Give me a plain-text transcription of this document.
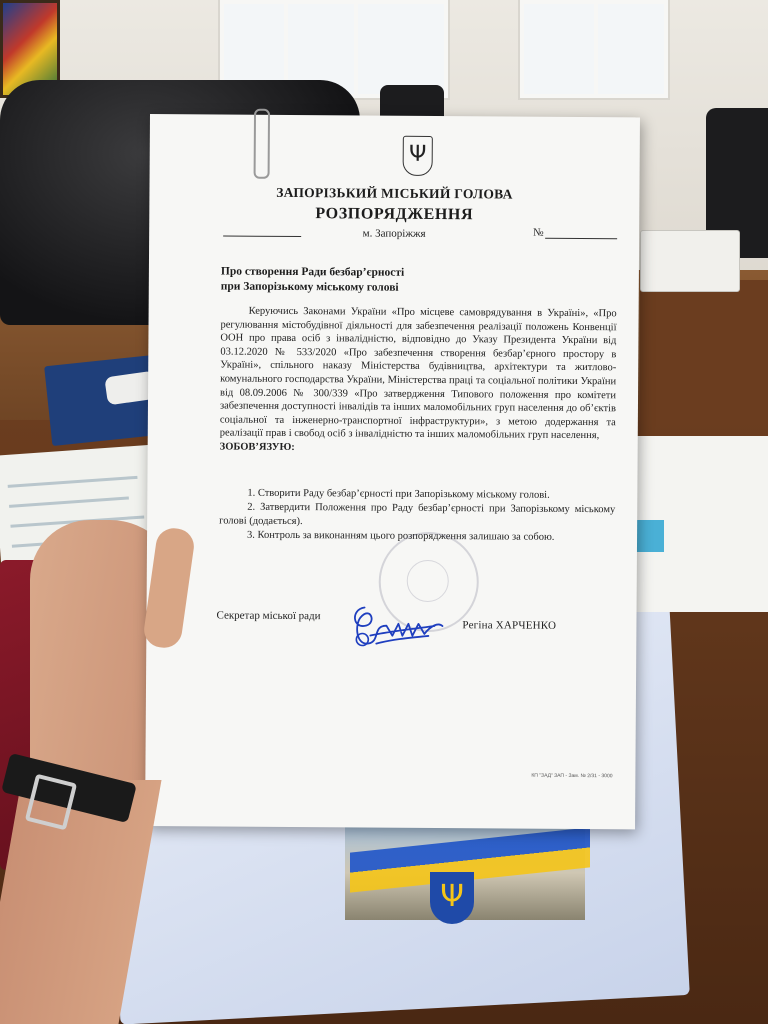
Ψ
Ψ
ЗАПОРІЗЬКИЙ МІСЬКИЙ ГОЛОВА
РОЗПОРЯДЖЕННЯ
м. Запоріжжя	№
Про створення Ради безбар’єрності
при Запорізькому міському голові

Керуючись Законами України «Про місцеве самоврядування в Україні», «Про регулювання містобудівної діяльності для забезпечення реалізації положень Конвенції ООН про права осіб з інвалідністю, відповідно до Указу Президента України від 03.12.2020 № 533/2020 «Про забезпечення створення безбар’єрного простору в Україні», спільного наказу Міністерства будівництва, архітектури та житлово-комунального господарства України, Міністерства праці та соціальної політики України від 08.09.2006 № 300/339 «Про затвердження Типового положення про комітети забезпечення доступності інвалідів та інших маломобільних груп населення до об’єктів соціальної та інженерно-транспортної інфраструктури», з метою додержання та реалізації прав і свобод осіб з інвалідністю та інших маломобільних груп населення,

ЗОБОВ’ЯЗУЮ:

1. Створити Раду безбар’єрності при Запорізькому міському голові.
2. Затвердити Положення про Раду безбар’єрності при Запорізькому міському голові (додається).
3. Контроль за виконанням цього розпорядження залишаю за собою.
Секретар міської ради
Регіна ХАРЧЕНКО
КП "ЗАД" ЗАП - Зам. № 2/31 - 3000
